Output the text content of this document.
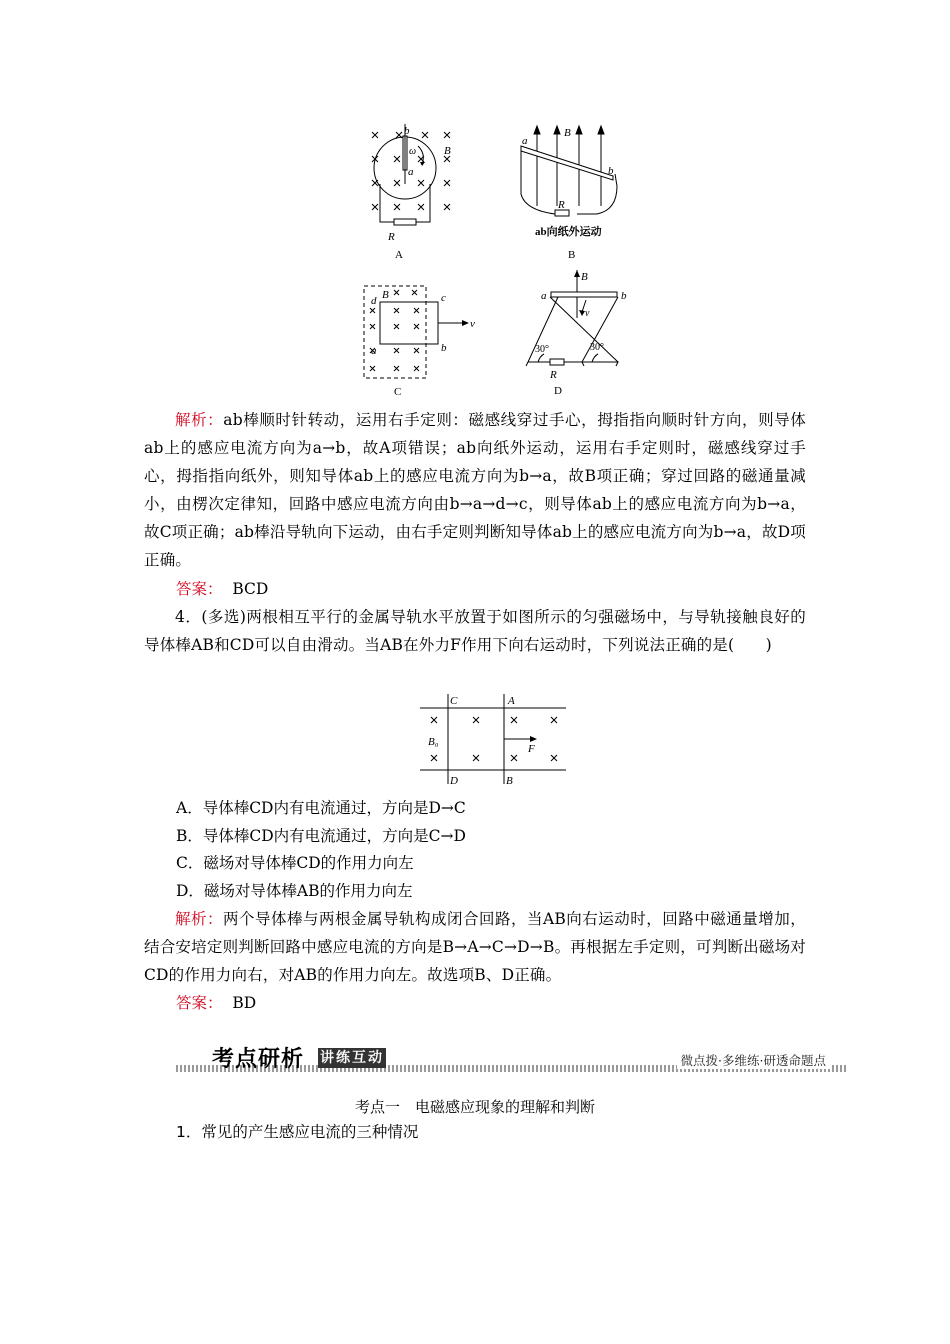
b
B
ω
a
R
A
a
B
b
R
ab向纸外运动
B
B
d	c
v
a	b
C
B
a	b
v
30°	30°
R
D
解析：ab棒顺时针转动，运用右手定则：磁感线穿过手心，拇指指向顺时针方向，则导体ab上的感应电流方向为a→b，故A项错误；ab向纸外运动，运用右手定则时，磁感线穿过手心，拇指指向纸外，则知导体ab上的感应电流方向为b→a，故B项正确；穿过回路的磁通量减小，由楞次定律知，回路中感应电流方向由b→a→d→c，则导体ab上的感应电流方向为b→a，故C项正确；ab棒沿导轨向下运动，由右手定则判断知导体ab上的感应电流方向为b→a，故D项正确。
答案： BCD
4．(多选)两根相互平行的金属导轨水平放置于如图所示的匀强磁场中，与导轨接触良好的导体棒AB和CD可以自由滑动。当AB在外力F作用下向右运动时，下列说法正确的是(　　)
C	A
B₀
F
D	B
A．导体棒CD内有电流通过，方向是D→C
B．导体棒CD内有电流通过，方向是C→D
C．磁场对导体棒CD的作用力向左
D．磁场对导体棒AB的作用力向左
解析：两个导体棒与两根金属导轨构成闭合回路，当AB向右运动时，回路中磁通量增加，结合安培定则判断回路中感应电流的方向是B→A→C→D→B。再根据左手定则，可判断出磁场对CD的作用力向右，对AB的作用力向左。故选项B、D正确。
答案： BD
考点研析 讲练互动	微点拨·多维练·研透命题点
考点一　电磁感应现象的理解和判断
1．常见的产生感应电流的三种情况
